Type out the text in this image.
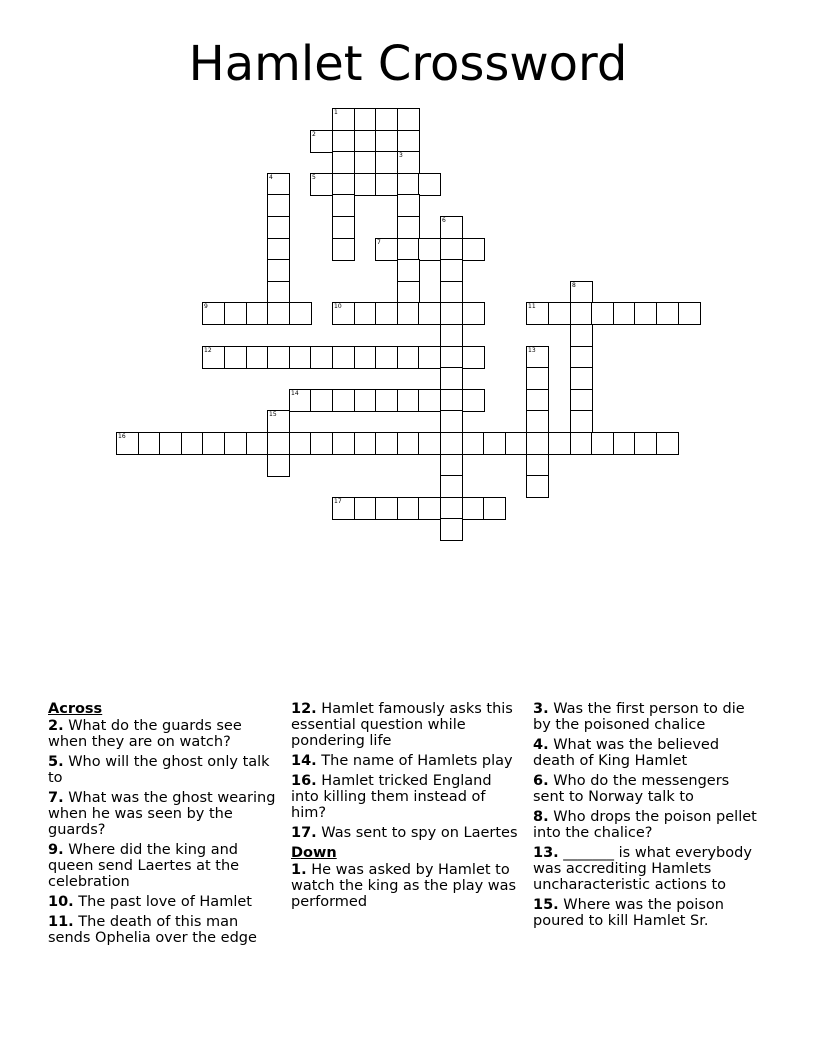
Hamlet Crossword
1
2
3
4	5
6
7
8
9	10	11
12	13
14
15
16
17
Across
2. What do the guards see when they are on watch?
5. Who will the ghost only talk to
7. What was the ghost wearing when he was seen by the guards?
9. Where did the king and queen send Laertes at the celebration
10. The past love of Hamlet
11. The death of this man sends Ophelia over the edge
12. Hamlet famously asks this essential question while pondering life
14. The name of Hamlets play
16. Hamlet tricked England into killing them instead of him?
17. Was sent to spy on Laertes
Down
1. He was asked by Hamlet to watch the king as the play was performed
3. Was the first person to die by the poisoned chalice
4. What was the believed death of King Hamlet
6. Who do the messengers sent to Norway talk to
8. Who drops the poison pellet into the chalice?
13. _______ is what everybody was accrediting Hamlets uncharacteristic actions to
15. Where was the poison poured to kill Hamlet Sr.
